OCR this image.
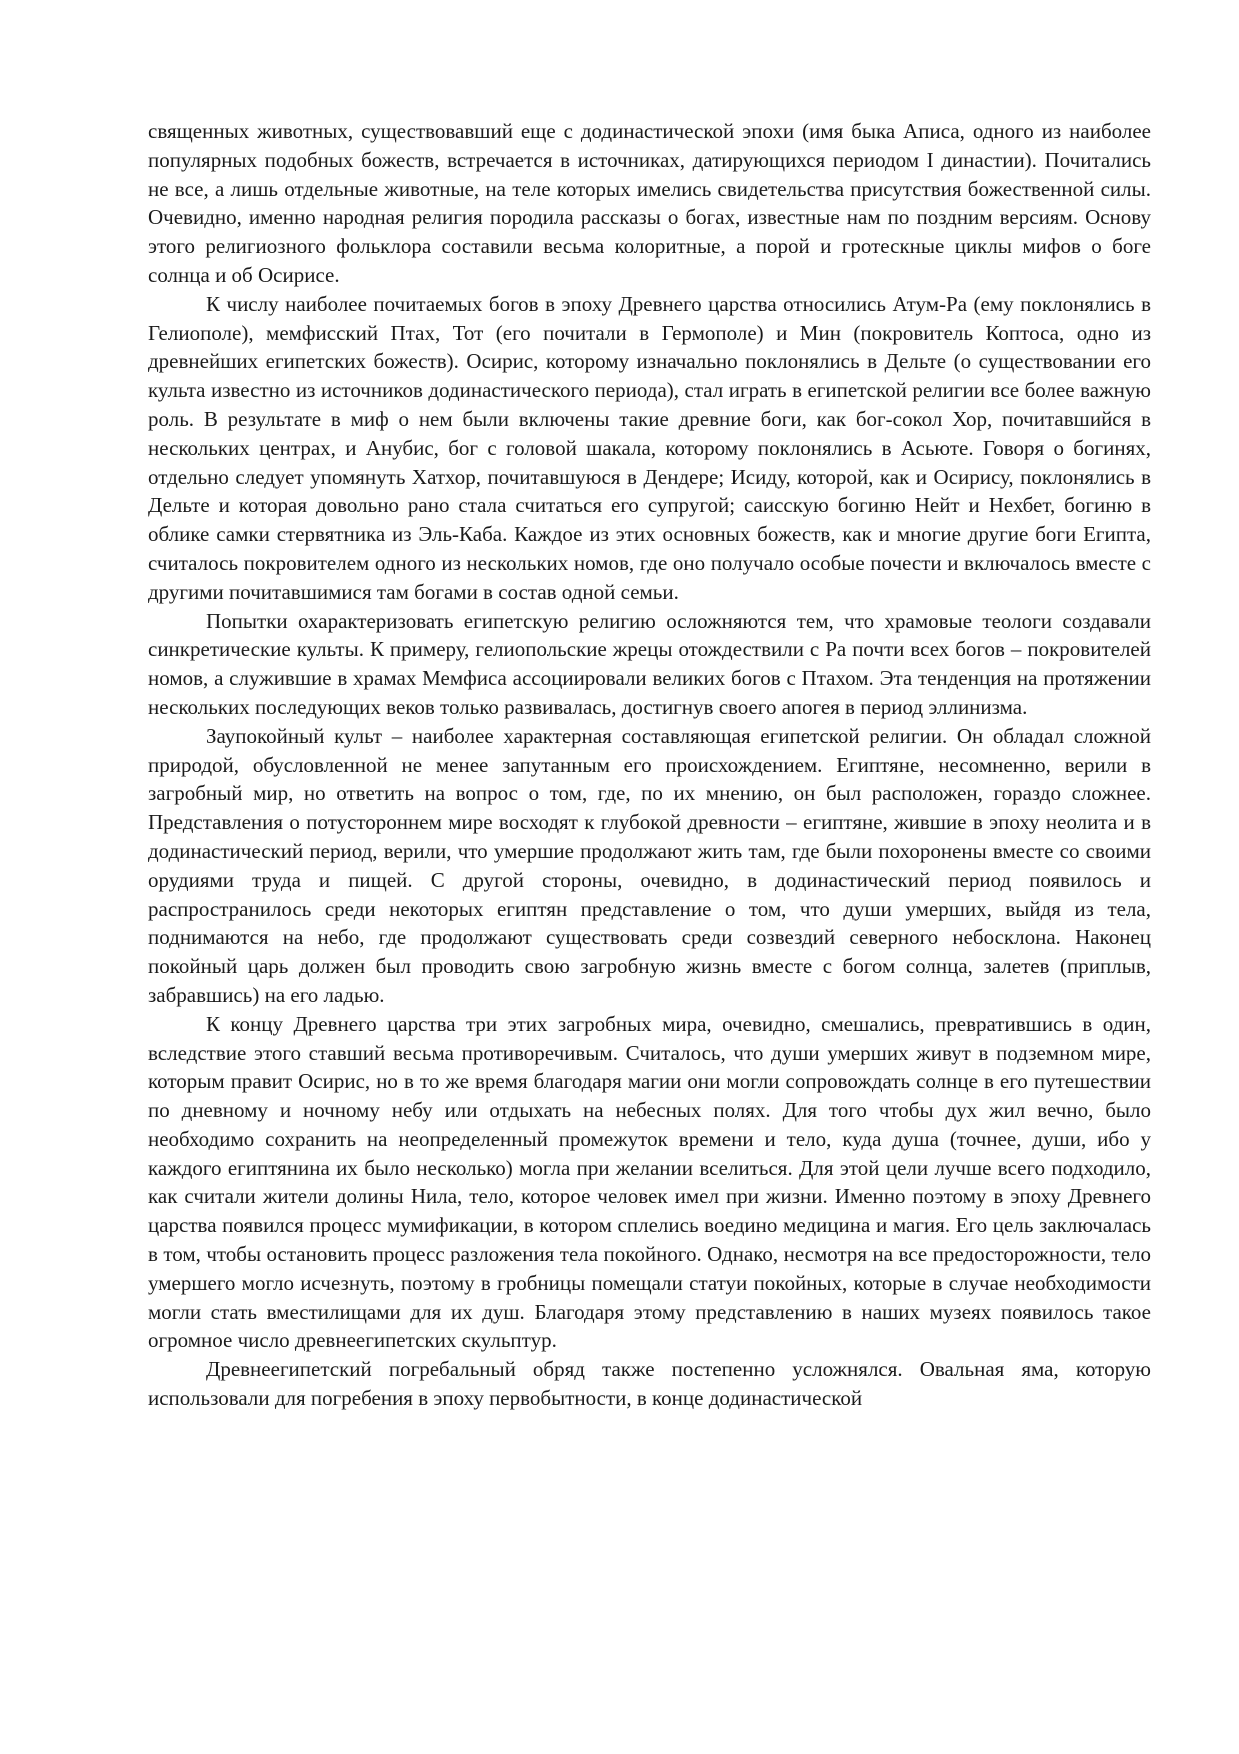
священных животных, существовавший еще с додинастической эпохи (имя быка Аписа, одного из наиболее популярных подобных божеств, встречается в источниках, датирующихся периодом I династии). Почитались не все, а лишь отдельные животные, на теле которых имелись свидетельства присутствия божественной силы. Очевидно, именно народная религия породила рассказы о богах, известные нам по поздним версиям. Основу этого религиозного фольклора составили весьма колоритные, а порой и гротескные циклы мифов о боге солнца и об Осирисе.

К числу наиболее почитаемых богов в эпоху Древнего царства относились Атум-Ра (ему поклонялись в Гелиополе), мемфисский Птах, Тот (его почитали в Гермополе) и Мин (покровитель Коптоса, одно из древнейших египетских божеств). Осирис, которому изначально поклонялись в Дельте (о существовании его культа известно из источников додинастического периода), стал играть в египетской религии все более важную роль. В результате в миф о нем были включены такие древние боги, как бог-сокол Хор, почитавшийся в нескольких центрах, и Анубис, бог с головой шакала, которому поклонялись в Асьюте. Говоря о богинях, отдельно следует упомянуть Хатхор, почитавшуюся в Дендере; Исиду, которой, как и Осирису, поклонялись в Дельте и которая довольно рано стала считаться его супругой; саисскую богиню Нейт и Нехбет, богиню в облике самки стервятника из Эль-Каба. Каждое из этих основных божеств, как и многие другие боги Египта, считалось покровителем одного из нескольких номов, где оно получало особые почести и включалось вместе с другими почитавшимися там богами в состав одной семьи.

Попытки охарактеризовать египетскую религию осложняются тем, что храмовые теологи создавали синкретические культы. К примеру, гелиопольские жрецы отождествили с Ра почти всех богов – покровителей номов, а служившие в храмах Мемфиса ассоциировали великих богов с Птахом. Эта тенденция на протяжении нескольких последующих веков только развивалась, достигнув своего апогея в период эллинизма.

Заупокойный культ – наиболее характерная составляющая египетской религии. Он обладал сложной природой, обусловленной не менее запутанным его происхождением. Египтяне, несомненно, верили в загробный мир, но ответить на вопрос о том, где, по их мнению, он был расположен, гораздо сложнее. Представления о потустороннем мире восходят к глубокой древности – египтяне, жившие в эпоху неолита и в додинастический период, верили, что умершие продолжают жить там, где были похоронены вместе со своими орудиями труда и пищей. С другой стороны, очевидно, в додинастический период появилось и распространилось среди некоторых египтян представление о том, что души умерших, выйдя из тела, поднимаются на небо, где продолжают существовать среди созвездий северного небосклона. Наконец покойный царь должен был проводить свою загробную жизнь вместе с богом солнца, залетев (приплыв, забравшись) на его ладью.

К концу Древнего царства три этих загробных мира, очевидно, смешались, превратившись в один, вследствие этого ставший весьма противоречивым. Считалось, что души умерших живут в подземном мире, которым правит Осирис, но в то же время благодаря магии они могли сопровождать солнце в его путешествии по дневному и ночному небу или отдыхать на небесных полях. Для того чтобы дух жил вечно, было необходимо сохранить на неопределенный промежуток времени и тело, куда душа (точнее, души, ибо у каждого египтянина их было несколько) могла при желании вселиться. Для этой цели лучше всего подходило, как считали жители долины Нила, тело, которое человек имел при жизни. Именно поэтому в эпоху Древнего царства появился процесс мумификации, в котором сплелись воедино медицина и магия. Его цель заключалась в том, чтобы остановить процесс разложения тела покойного. Однако, несмотря на все предосторожности, тело умершего могло исчезнуть, поэтому в гробницы помещали статуи покойных, которые в случае необходимости могли стать вместилищами для их душ. Благодаря этому представлению в наших музеях появилось такое огромное число древнеегипетских скульптур.

Древнеегипетский погребальный обряд также постепенно усложнялся. Овальная яма, которую использовали для погребения в эпоху первобытности, в конце додинастической
